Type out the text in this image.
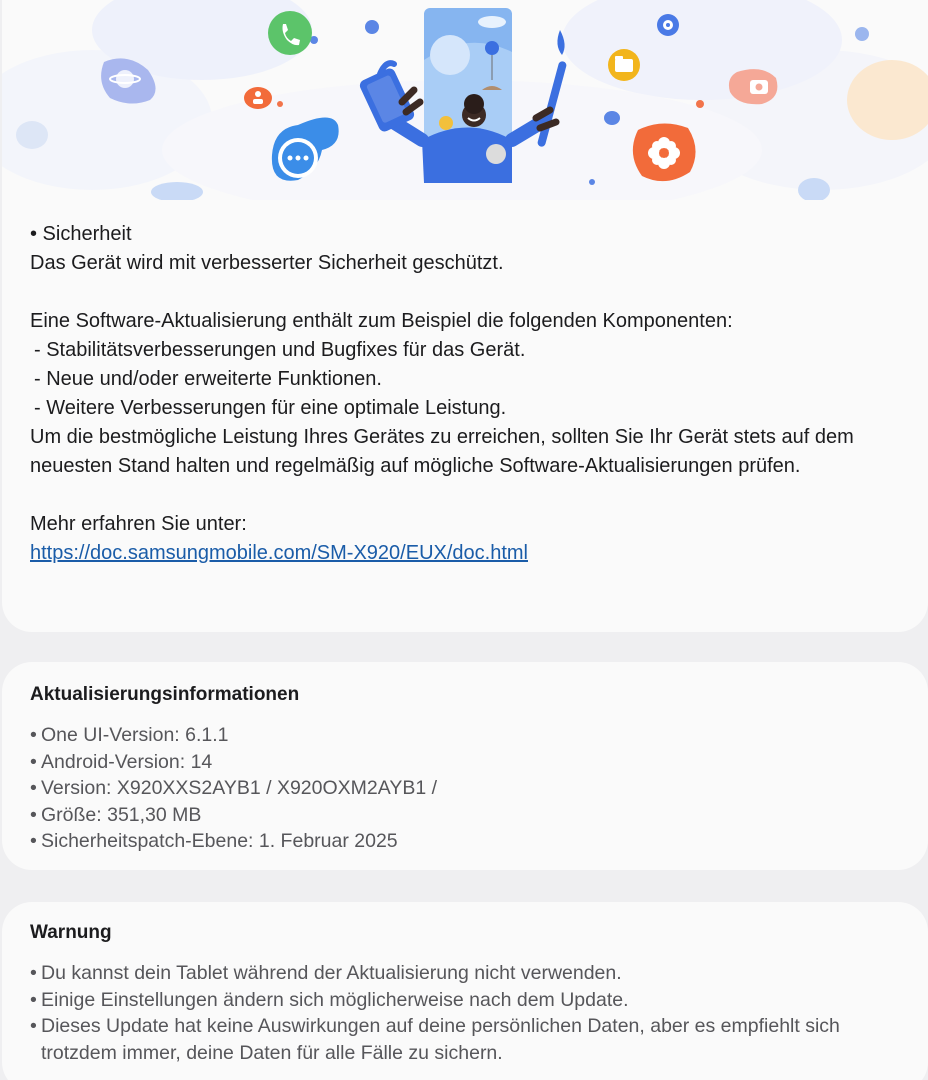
• Sicherheit

Das Gerät wird mit verbesserter Sicherheit geschützt.

Eine Software-Aktualisierung enthält zum Beispiel die folgenden Komponenten:

- Stabilitätsverbesserungen und Bugfixes für das Gerät.

- Neue und/oder erweiterte Funktionen.

- Weitere Verbesserungen für eine optimale Leistung.

Um die bestmögliche Leistung Ihres Gerätes zu erreichen, sollten Sie Ihr Gerät stets auf dem neuesten Stand halten und regelmäßig auf mögliche Software-Aktualisierungen prüfen.

Mehr erfahren Sie unter:

https://doc.samsungmobile.com/SM-X920/EUX/doc.html

Aktualisierungsinformationen
• One UI-Version: 6.1.1
• Android-Version: 14
• Version: X920XXS2AYB1 / X920OXM2AYB1 /
• Größe: 351,30 MB
• Sicherheitspatch-Ebene: 1. Februar 2025
Warnung
• Du kannst dein Tablet während der Aktualisierung nicht verwenden.
• Einige Einstellungen ändern sich möglicherweise nach dem Update.
• Dieses Update hat keine Auswirkungen auf deine persönlichen Daten, aber es empfiehlt sich trotzdem immer, deine Daten für alle Fälle zu sichern.
